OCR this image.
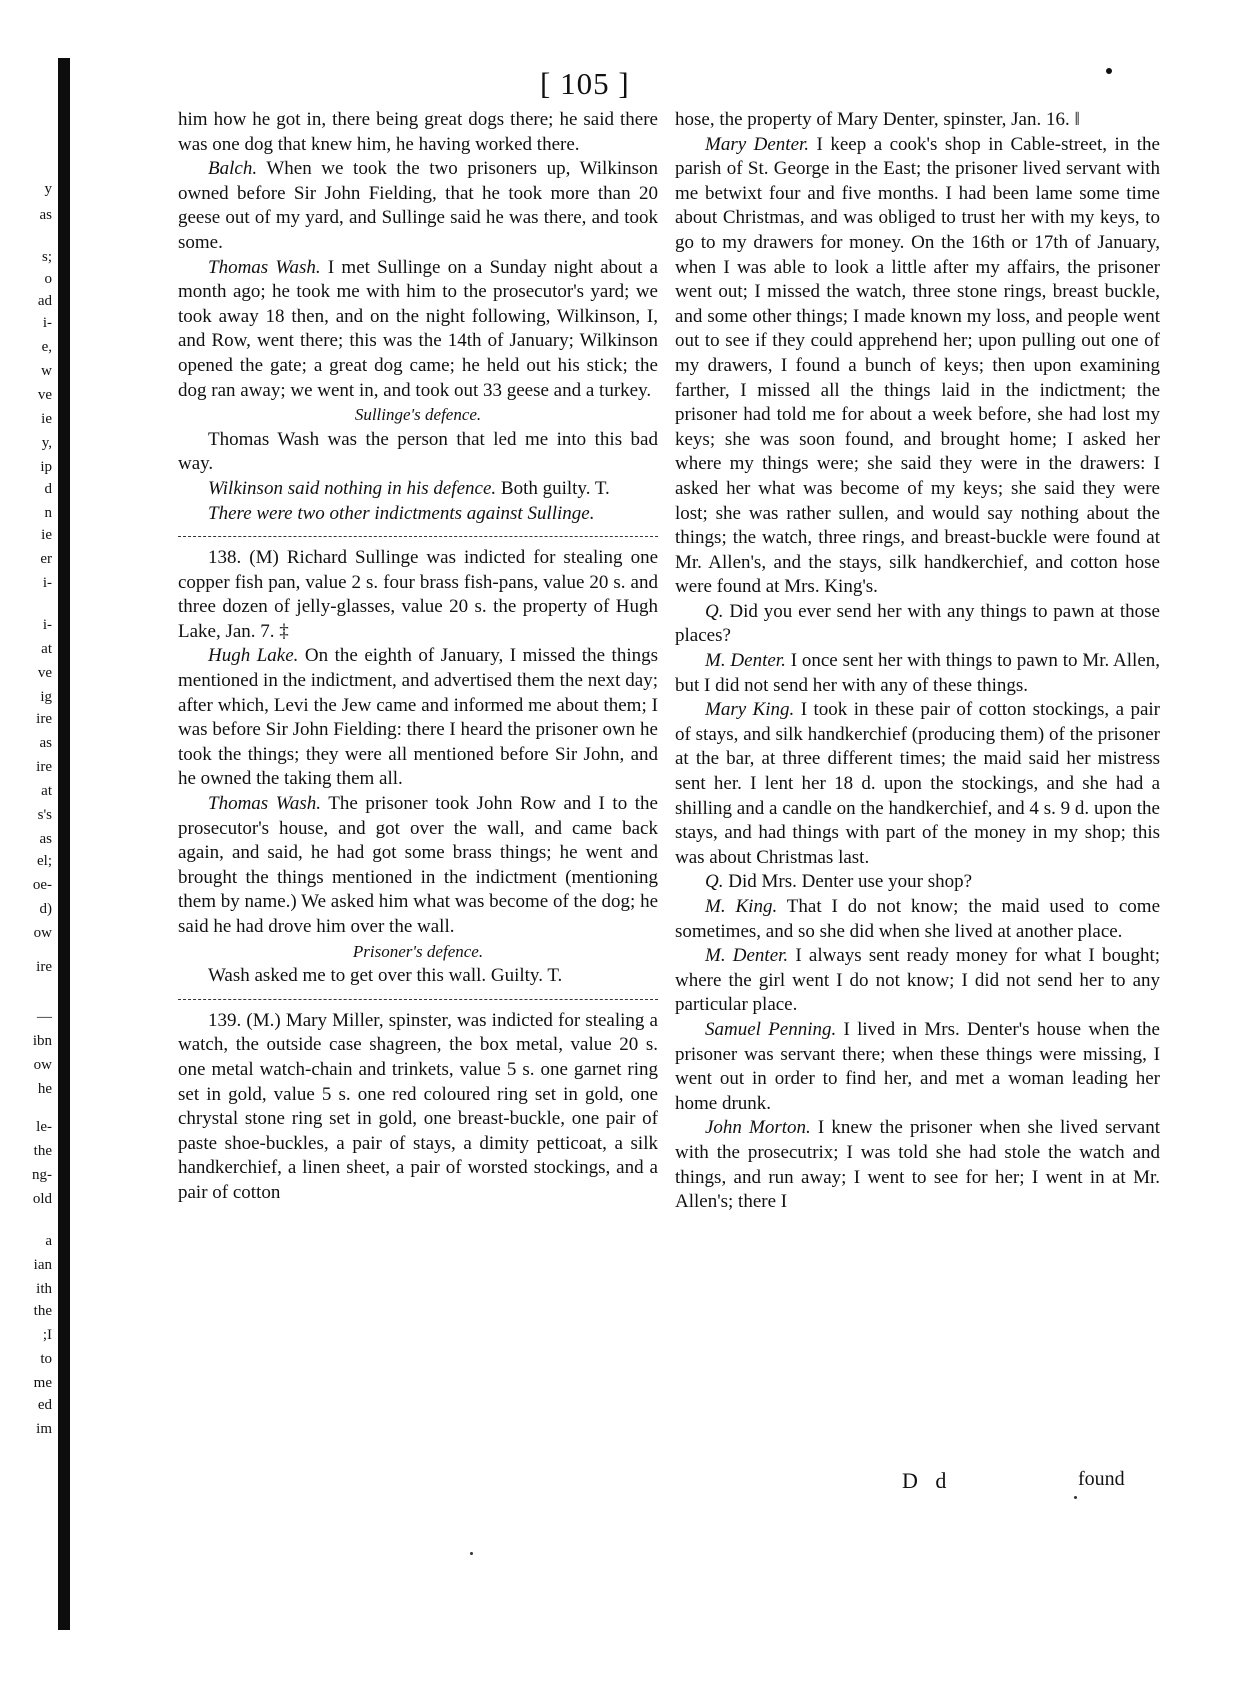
y
as
s;
o
ad
i-
e,
w
ve
ie
y,
ip
d
n
ie
er
i-
i-
at
ve
ig
ire
as
ire
at
s's
as
el;
oe-
d)
ow
ire
—
ibn
ow
he
le-
the
ng-
old
a
ian
ith
the
;I
to
me
ed
im
[ 105 ]

him how he got in, there being great dogs there; he said there was one dog that knew him, he having worked there.

Balch. When we took the two prisoners up, Wilkinson owned before Sir John Fielding, that he took more than 20 geese out of my yard, and Sullinge said he was there, and took some.

Thomas Wash. I met Sullinge on a Sunday night about a month ago; he took me with him to the prosecutor's yard; we took away 18 then, and on the night following, Wilkinson, I, and Row, went there; this was the 14th of January; Wilkinson opened the gate; a great dog came; he held out his stick; the dog ran away; we went in, and took out 33 geese and a turkey.

Sullinge's defence.

Thomas Wash was the person that led me into this bad way.

Wilkinson said nothing in his defence. Both guilty. T.

There were two other indictments against Sullinge.

138. (M) Richard Sullinge was indicted for stealing one copper fish pan, value 2 s. four brass fish-pans, value 20 s. and three dozen of jelly-glasses, value 20 s. the property of Hugh Lake, Jan. 7. ‡

Hugh Lake. On the eighth of January, I missed the things mentioned in the indictment, and advertised them the next day; after which, Levi the Jew came and informed me about them; I was before Sir John Fielding: there I heard the prisoner own he took the things; they were all mentioned before Sir John, and he owned the taking them all.

Thomas Wash. The prisoner took John Row and I to the prosecutor's house, and got over the wall, and came back again, and said, he had got some brass things; he went and brought the things mentioned in the indictment (mentioning them by name.) We asked him what was become of the dog; he said he had drove him over the wall.

Prisoner's defence.

Wash asked me to get over this wall. Guilty. T.

139. (M.) Mary Miller, spinster, was indicted for stealing a watch, the outside case shagreen, the box metal, value 20 s. one metal watch-chain and trinkets, value 5 s. one garnet ring set in gold, value 5 s. one red coloured ring set in gold, one chrystal stone ring set in gold, one breast-buckle, one pair of paste shoe-buckles, a pair of stays, a dimity petticoat, a silk handkerchief, a linen sheet, a pair of worsted stockings, and a pair of cotton

hose, the property of Mary Denter, spinster, Jan. 16. ‖

Mary Denter. I keep a cook's shop in Cable-street, in the parish of St. George in the East; the prisoner lived servant with me betwixt four and five months. I had been lame some time about Christmas, and was obliged to trust her with my keys, to go to my drawers for money. On the 16th or 17th of January, when I was able to look a little after my affairs, the prisoner went out; I missed the watch, three stone rings, breast buckle, and some other things; I made known my loss, and people went out to see if they could apprehend her; upon pulling out one of my drawers, I found a bunch of keys; then upon examining farther, I missed all the things laid in the indictment; the prisoner had told me for about a week before, she had lost my keys; she was soon found, and brought home; I asked her where my things were; she said they were in the drawers: I asked her what was become of my keys; she said they were lost; she was rather sullen, and would say nothing about the things; the watch, three rings, and breast-buckle were found at Mr. Allen's, and the stays, silk handkerchief, and cotton hose were found at Mrs. King's.

Q. Did you ever send her with any things to pawn at those places?

M. Denter. I once sent her with things to pawn to Mr. Allen, but I did not send her with any of these things.

Mary King. I took in these pair of cotton stockings, a pair of stays, and silk handkerchief (producing them) of the prisoner at the bar, at three different times; the maid said her mistress sent her. I lent her 18 d. upon the stockings, and she had a shilling and a candle on the handkerchief, and 4 s. 9 d. upon the stays, and had things with part of the money in my shop; this was about Christmas last.

Q. Did Mrs. Denter use your shop?

M. King. That I do not know; the maid used to come sometimes, and so she did when she lived at another place.

M. Denter. I always sent ready money for what I bought; where the girl went I do not know; I did not send her to any particular place.

Samuel Penning. I lived in Mrs. Denter's house when the prisoner was servant there; when these things were missing, I went out in order to find her, and met a woman leading her home drunk.

John Morton. I knew the prisoner when she lived servant with the prosecutrix; I was told she had stole the watch and things, and run away; I went to see for her; I went in at Mr. Allen's; there I

D d	found
